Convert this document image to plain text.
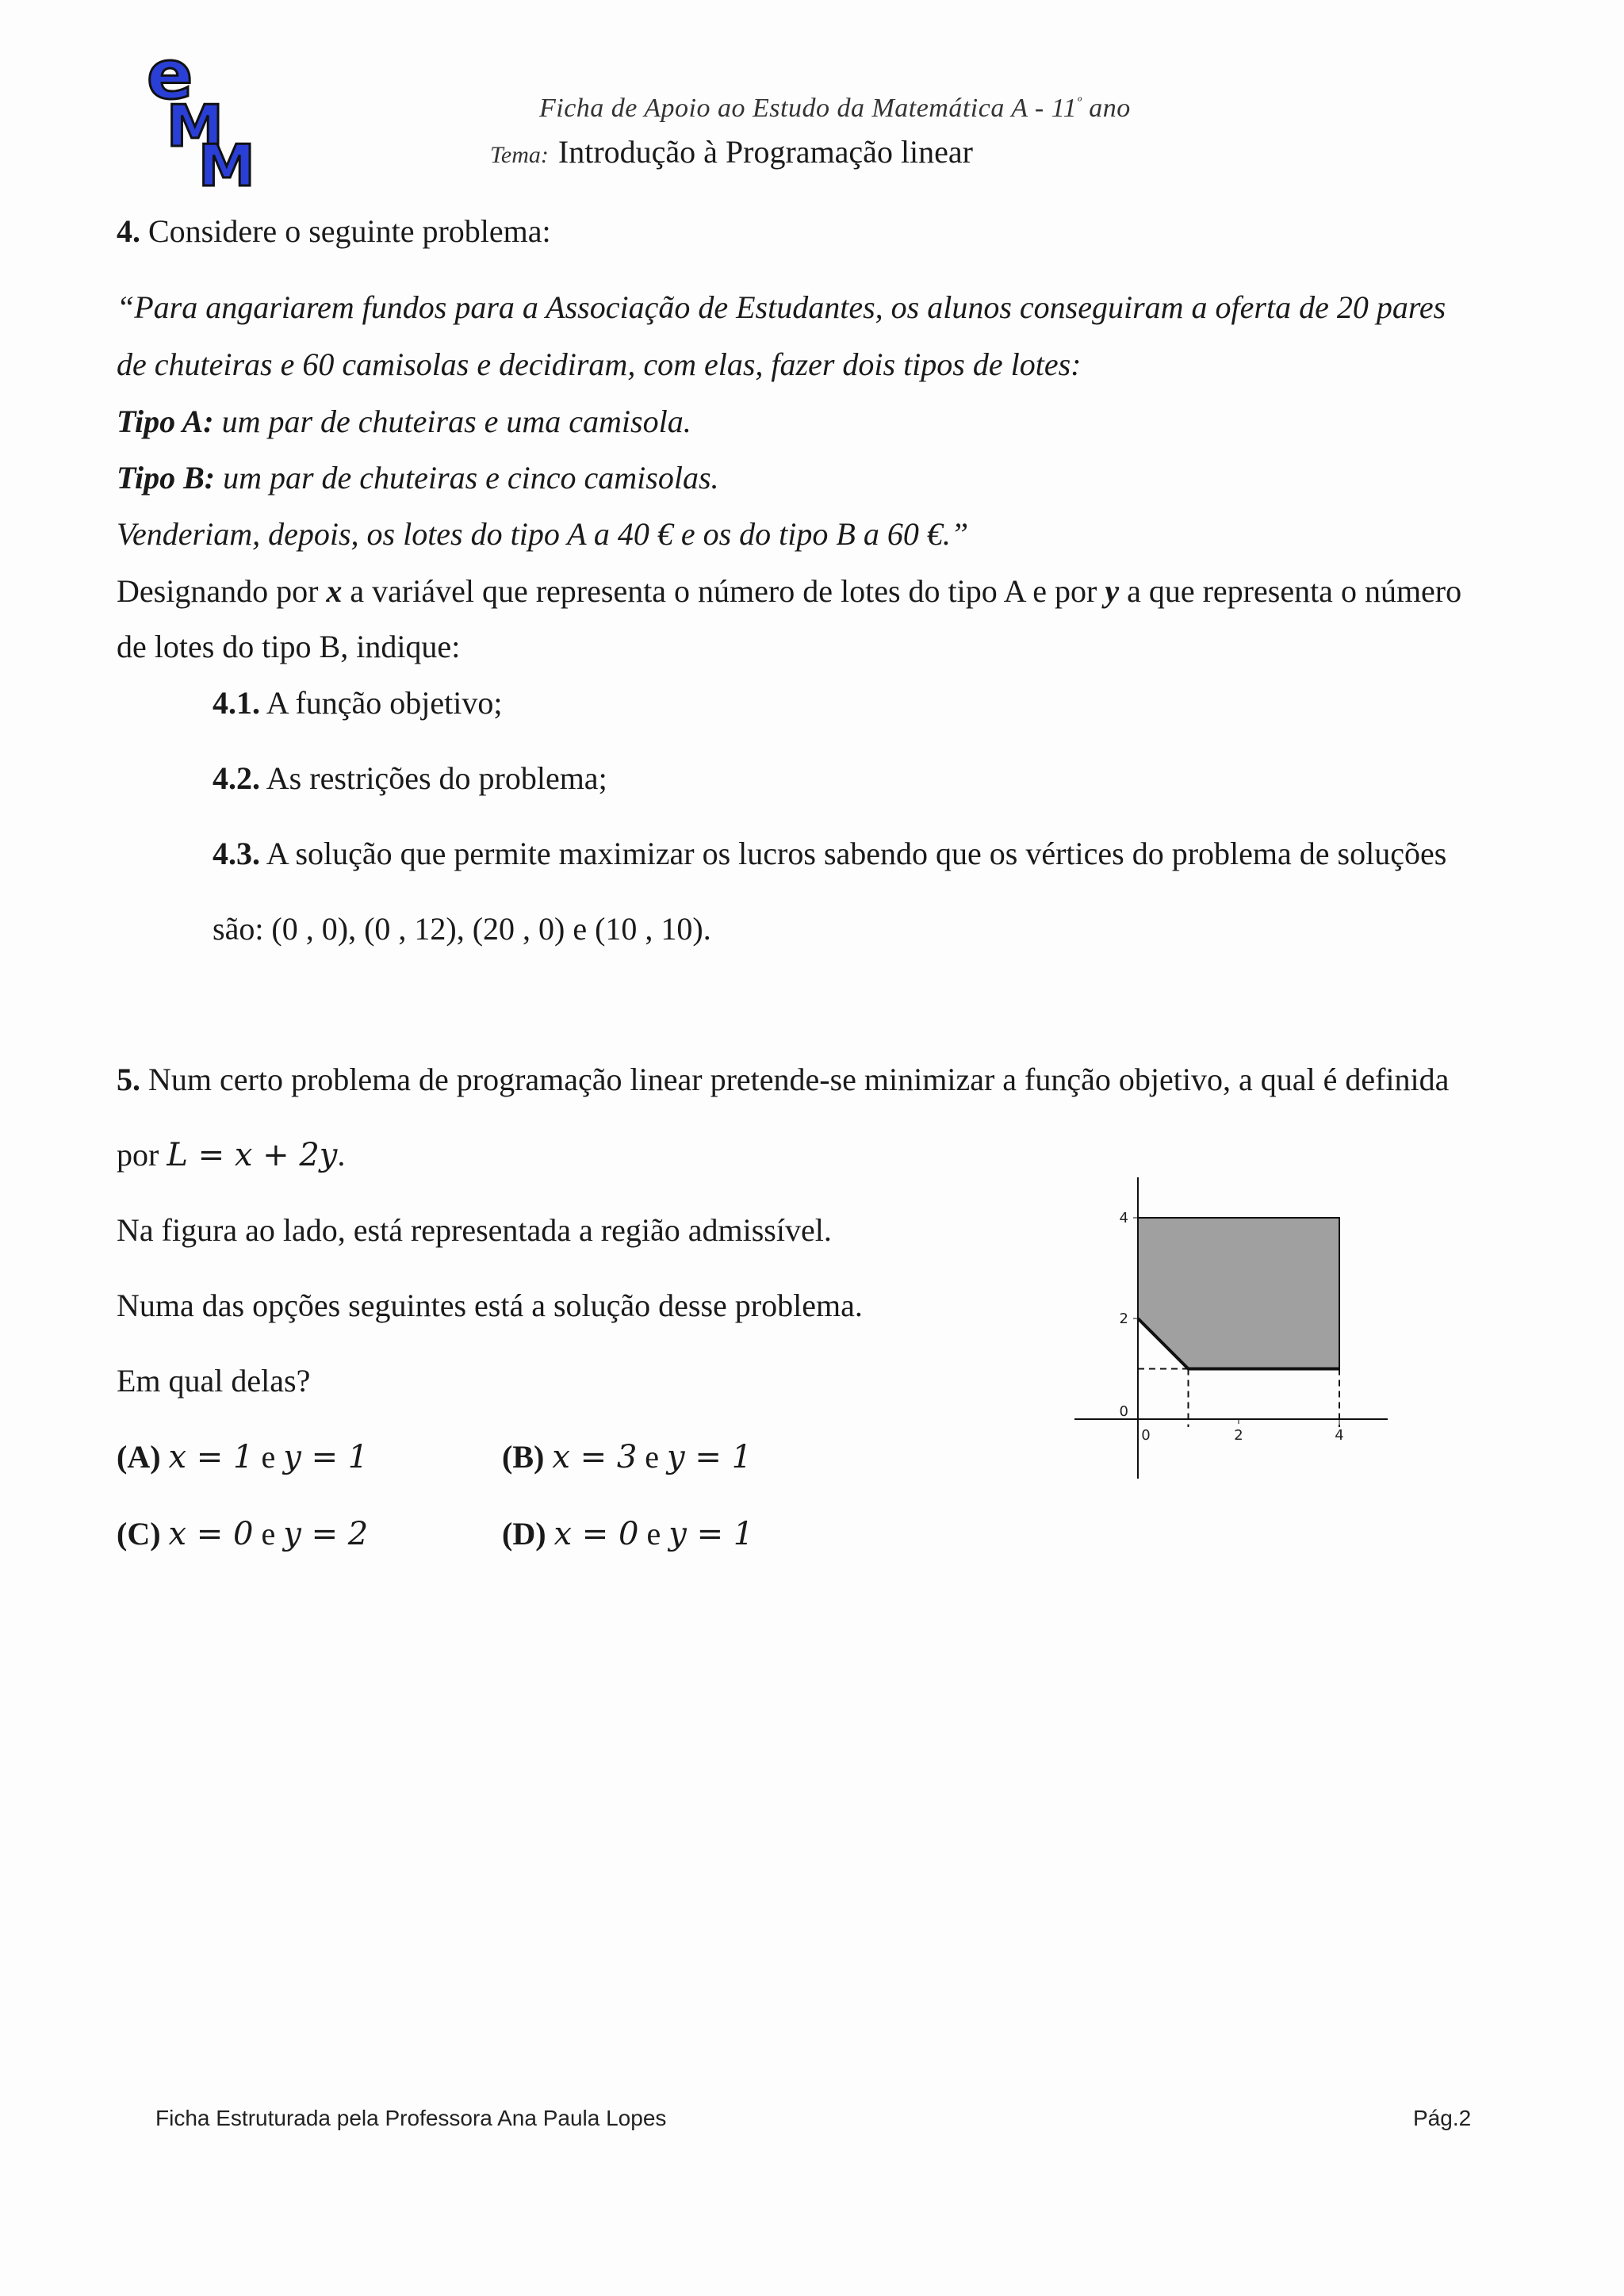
e
M
M
Ficha de Apoio ao Estudo da Matemática A - $11^º$ ano
Tema: Introdução à Programação linear
4. Considere o seguinte problema:
“Para angariarem fundos para a Associação de Estudantes, os alunos conseguiram a oferta de 20 pares
de chuteiras e 60 camisolas e decidiram, com elas, fazer dois tipos de lotes:
Tipo A: um par de chuteiras e uma camisola.
Tipo B: um par de chuteiras e cinco camisolas.
Venderiam, depois, os lotes do tipo A a 40 € e os do tipo B a 60 €.”
Designando por x a variável que representa o número de lotes do tipo A e por y a que representa o número
de lotes do tipo B, indique:
4.1. A função objetivo;
4.2. As restrições do problema;
4.3. A solução que permite maximizar os lucros sabendo que os vértices do problema de soluções
são: (0 , 0), (0 , 12), (20 , 0) e (10 , 10).
5. Num certo problema de programação linear pretende-se minimizar a função objetivo, a qual é definida
por L = x + 2y.
Na figura ao lado, está representada a região admissível.
Numa das opções seguintes está a solução desse problema.
Em qual delas?
(A) x = 1 e y = 1	(B) x = 3 e y = 1
(C) x = 0 e y = 2	(D) x = 0 e y = 1
0	2	4
0
2
4
Ficha Estruturada pela Professora Ana Paula Lopes	Pág.2
